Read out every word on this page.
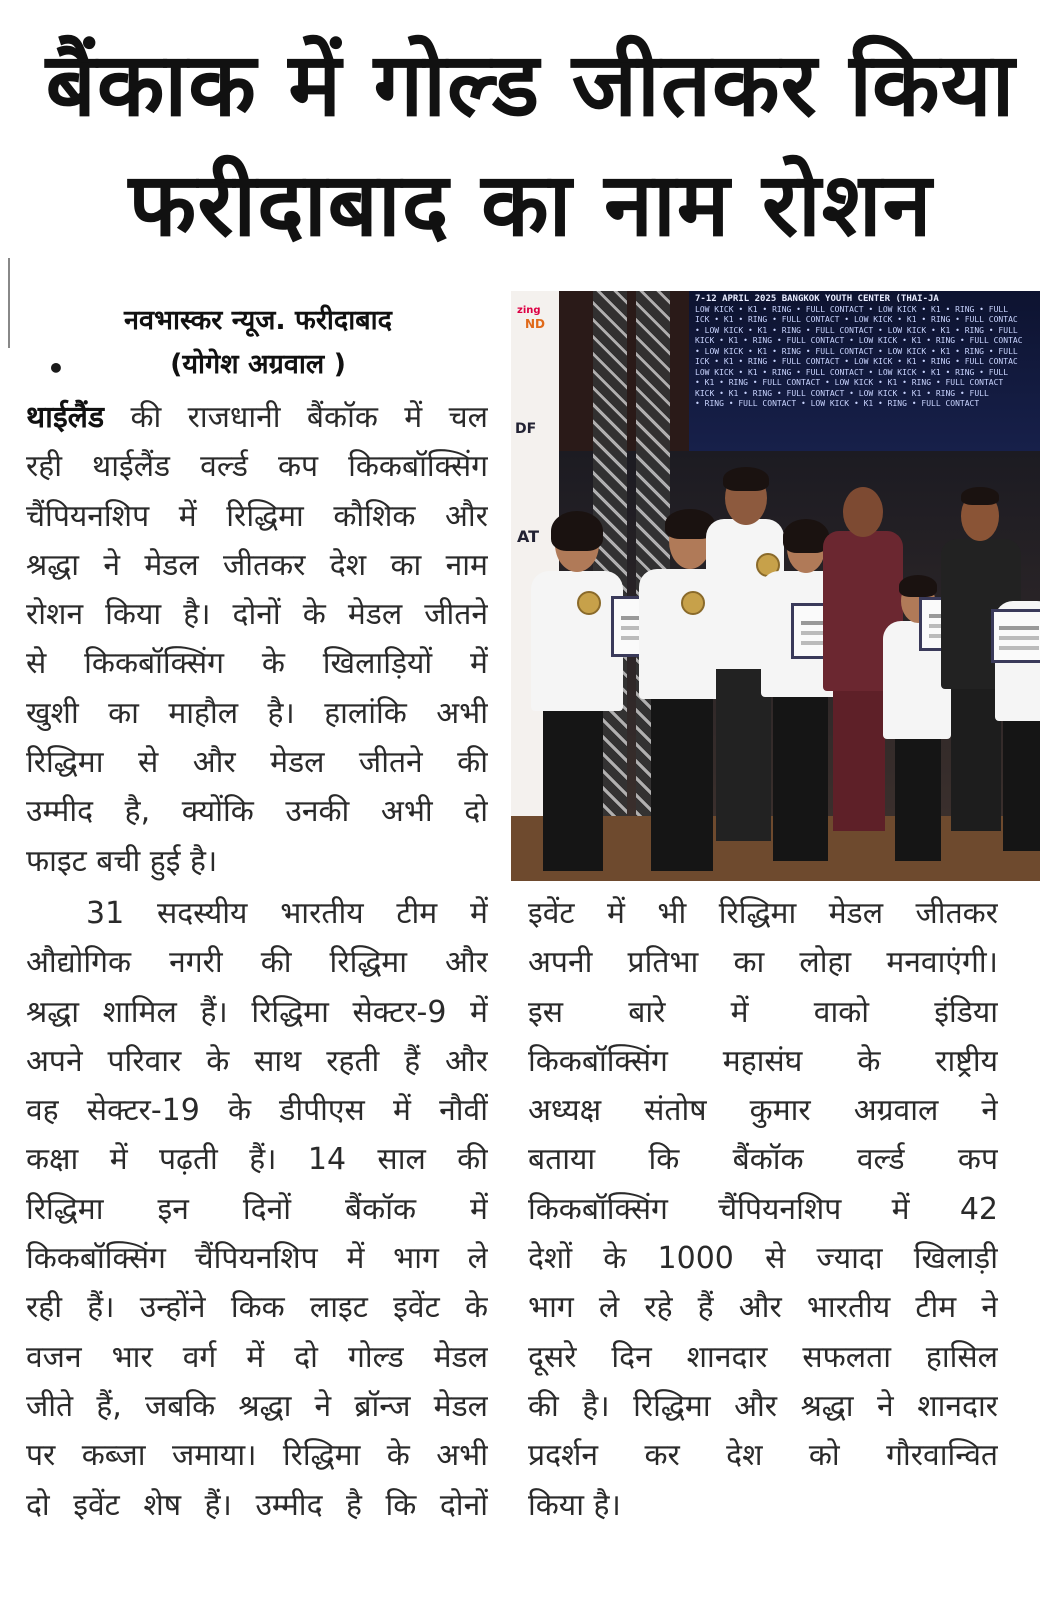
बैंकाक में गोल्ड जीतकर किया
फरीदाबाद का नाम रोशन
नवभास्कर न्यूज. फरीदाबाद
•	(योगेश अग्रवाल )
थाईलैंड की राजधानी बैंकॉक में चल
रही थाईलैंड वर्ल्ड कप किकबॉक्सिंग
चैंपियनशिप में रिद्धिमा कौशिक और
श्रद्धा ने मेडल जीतकर देश का नाम
रोशन किया है। दोनों के मेडल जीतने
से किकबॉक्सिंग के खिलाड़ियों में
खुशी का माहौल है। हालांकि अभी
रिद्धिमा से और मेडल जीतने की
उम्मीद है, क्योंकि उनकी अभी दो
फाइट बची हुई है।
31 सदस्यीय भारतीय टीम में
औद्योगिक नगरी की रिद्धिमा और
श्रद्धा शामिल हैं। रिद्धिमा सेक्टर-9 में
अपने परिवार के साथ रहती हैं और
वह सेक्टर-19 के डीपीएस में नौवीं
कक्षा में पढ़ती हैं। 14 साल की
रिद्धिमा इन दिनों बैंकॉक में
किकबॉक्सिंग चैंपियनशिप में भाग ले
रही हैं। उन्होंने किक लाइट इवेंट के
वजन भार वर्ग में दो गोल्ड मेडल
जीते हैं, जबकि श्रद्धा ने ब्रॉन्ज मेडल
पर कब्जा जमाया। रिद्धिमा के अभी
दो इवेंट शेष हैं। उम्मीद है कि दोनों
इवेंट में भी रिद्धिमा मेडल जीतकर
अपनी प्रतिभा का लोहा मनवाएंगी।
इस बारे में वाको इंडिया
किकबॉक्सिंग महासंघ के राष्ट्रीय
अध्यक्ष संतोष कुमार अग्रवाल ने
बताया कि बैंकॉक वर्ल्ड कप
किकबॉक्सिंग चैंपियनशिप में 42
देशों के 1000 से ज्यादा खिलाड़ी
भाग ले रहे हैं और भारतीय टीम ने
दूसरे दिन शानदार सफलता हासिल
की है। रिद्धिमा और श्रद्धा ने शानदार
प्रदर्शन कर देश को गौरवान्वित
किया है।
zing
ND
DF
AT
7-12 APRIL 2025 BANGKOK YOUTH CENTER (THAI-JA
LOW KICK • K1 • RING • FULL CONTACT • LOW KICK • K1 • RING • FULL
ICK • K1 • RING • FULL CONTACT • LOW KICK • K1 • RING • FULL CONTAC
• LOW KICK • K1 • RING • FULL CONTACT • LOW KICK • K1 • RING • FULL
KICK • K1 • RING • FULL CONTACT • LOW KICK • K1 • RING • FULL CONTAC
• LOW KICK • K1 • RING • FULL CONTACT • LOW KICK • K1 • RING • FULL
ICK • K1 • RING • FULL CONTACT • LOW KICK • K1 • RING • FULL CONTAC
LOW KICK • K1 • RING • FULL CONTACT • LOW KICK • K1 • RING • FULL
• K1 • RING • FULL CONTACT • LOW KICK • K1 • RING • FULL CONTACT
KICK • K1 • RING • FULL CONTACT • LOW KICK • K1 • RING • FULL
• RING • FULL CONTACT • LOW KICK • K1 • RING • FULL CONTACT
